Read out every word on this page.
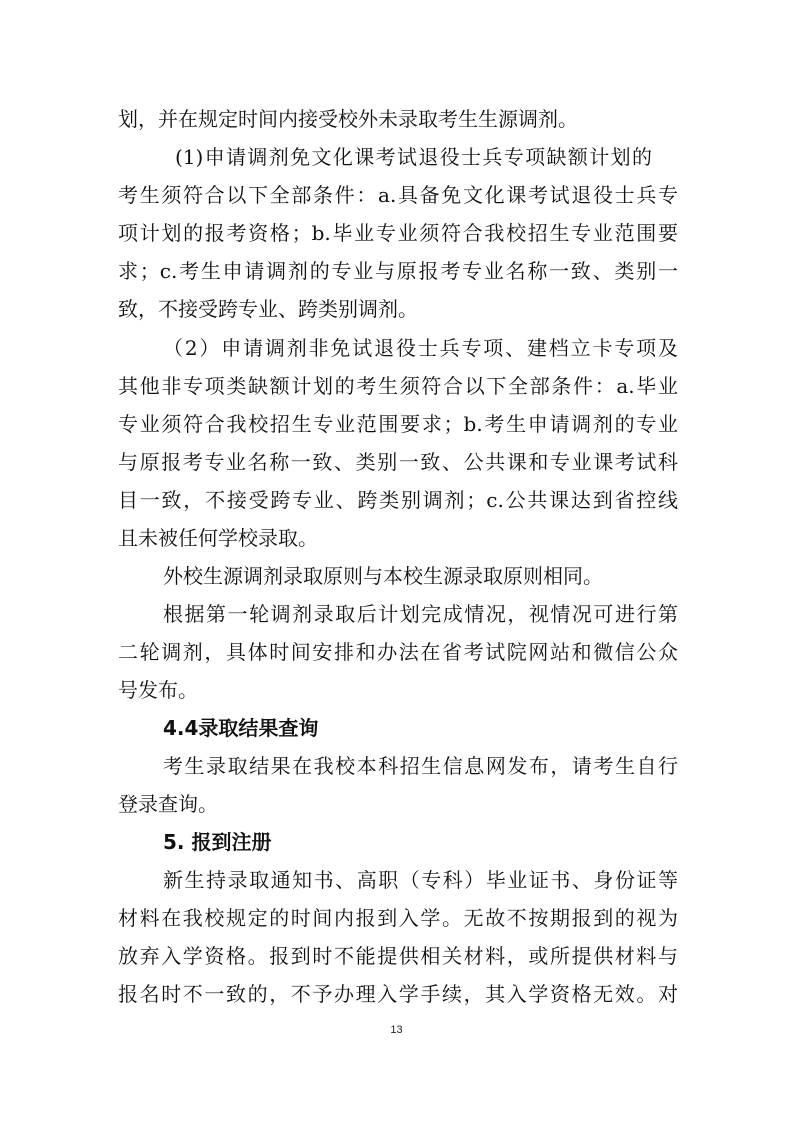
划，并在规定时间内接受校外未录取考生生源调剂。
(1)申请调剂免文化课考试退役士兵专项缺额计划的
考生须符合以下全部条件：a.具备免文化课考试退役士兵专
项计划的报考资格；b.毕业专业须符合我校招生专业范围要
求；c.考生申请调剂的专业与原报考专业名称一致、类别一
致，不接受跨专业、跨类别调剂。
（2）申请调剂非免试退役士兵专项、建档立卡专项及
其他非专项类缺额计划的考生须符合以下全部条件：a.毕业
专业须符合我校招生专业范围要求；b.考生申请调剂的专业
与原报考专业名称一致、类别一致、公共课和专业课考试科
目一致，不接受跨专业、跨类别调剂；c.公共课达到省控线
且未被任何学校录取。
外校生源调剂录取原则与本校生源录取原则相同。
根据第一轮调剂录取后计划完成情况，视情况可进行第
二轮调剂，具体时间安排和办法在省考试院网站和微信公众
号发布。
4.4录取结果查询
考生录取结果在我校本科招生信息网发布，请考生自行
登录查询。
5. 报到注册
新生持录取通知书、高职（专科）毕业证书、身份证等
材料在我校规定的时间内报到入学。无故不按期报到的视为
放弃入学资格。报到时不能提供相关材料，或所提供材料与
报名时不一致的，不予办理入学手续，其入学资格无效。对
13
